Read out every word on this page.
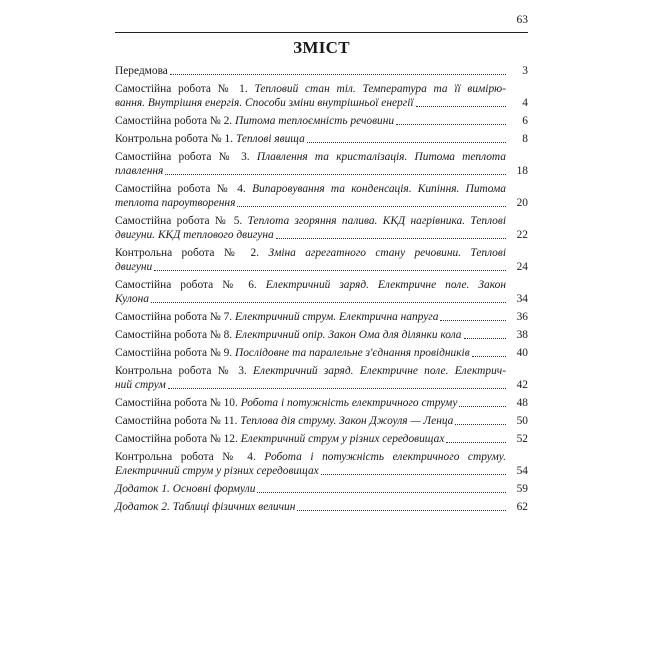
63
ЗМІСТ
Передмова	3
Самостійна робота № 1. Тепловий стан тіл. Температура та її вимірю-
вання. Внутрішня енергія. Способи зміни внутрішньої енергії	4
Самостійна робота № 2. Питома теплоємність речовини	6
Контрольна робота № 1. Теплові явища	8
Самостійна робота № 3. Плавлення та кристалізація. Питома теплота
плавлення	18
Самостійна робота № 4. Випаровування та конденсація. Кипіння. Питома
теплота пароутворення	20
Самостійна робота № 5. Теплота згоряння палива. ККД нагрівника. Теплові
двигуни. ККД теплового двигуна	22
Контрольна робота № 2. Зміна агрегатного стану речовини. Теплові
двигуни	24
Самостійна робота № 6. Електричний заряд. Електричне поле. Закон
Кулона	34
Самостійна робота № 7. Електричний струм. Електрична напруга	36
Самостійна робота № 8. Електричний опір. Закон Ома для ділянки кола	38
Самостійна робота № 9. Послідовне та паралельне з'єднання провідників	40
Контрольна робота № 3. Електричний заряд. Електричне поле. Електрич-
ний струм	42
Самостійна робота № 10. Робота і потужність електричного струму	48
Самостійна робота № 11. Теплова дія струму. Закон Джоуля — Ленца	50
Самостійна робота № 12. Електричний струм у різних середовищах	52
Контрольна робота № 4. Робота і потужність електричного струму.
Електричний струм у різних середовищах	54
Додаток 1. Основні формули	59
Додаток 2. Таблиці фізичних величин	62
